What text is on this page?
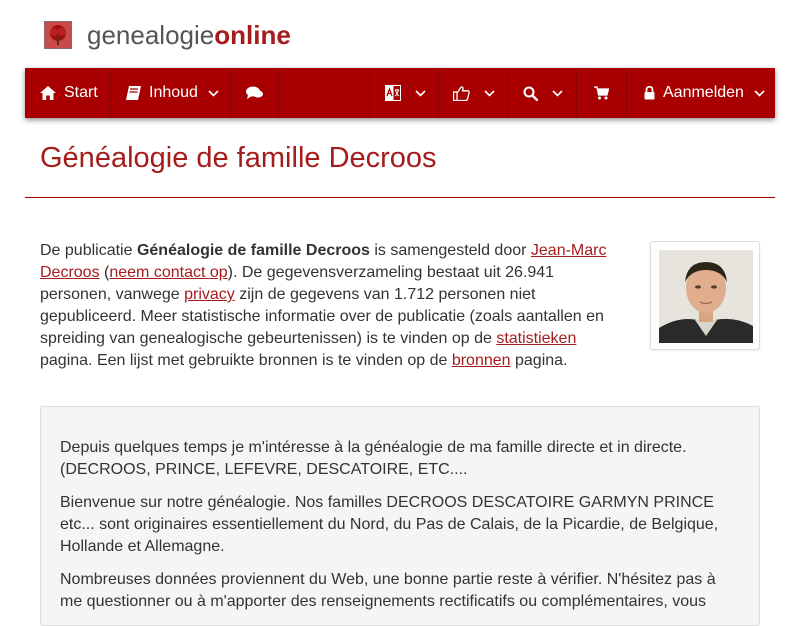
genealogieonline
Start	Inhoud	Aanmelden
Généalogie de famille Decroos
De publicatie Généalogie de famille Decroos is samengesteld door Jean-Marc Decroos (neem contact op). De gegevensverzameling bestaat uit 26.941 personen, vanwege privacy zijn de gegevens van 1.712 personen niet gepubliceerd. Meer statistische informatie over de publicatie (zoals aantallen en spreiding van genealogische gebeurtenissen) is te vinden op de statistieken pagina. Een lijst met gebruikte bronnen is te vinden op de bronnen pagina.

Depuis quelques temps je m'intéresse à la généalogie de ma famille directe et in directe. (DECROOS, PRINCE, LEFEVRE, DESCATOIRE, ETC....

Bienvenue sur notre généalogie. Nos familles DECROOS DESCATOIRE GARMYN PRINCE etc... sont originaires essentiellement du Nord, du Pas de Calais, de la Picardie, de Belgique, Hollande et Allemagne.

Nombreuses données proviennent du Web, une bonne partie reste à vérifier. N'hésitez pas à me questionner ou à m'apporter des renseignements rectificatifs ou complémentaires, vous
